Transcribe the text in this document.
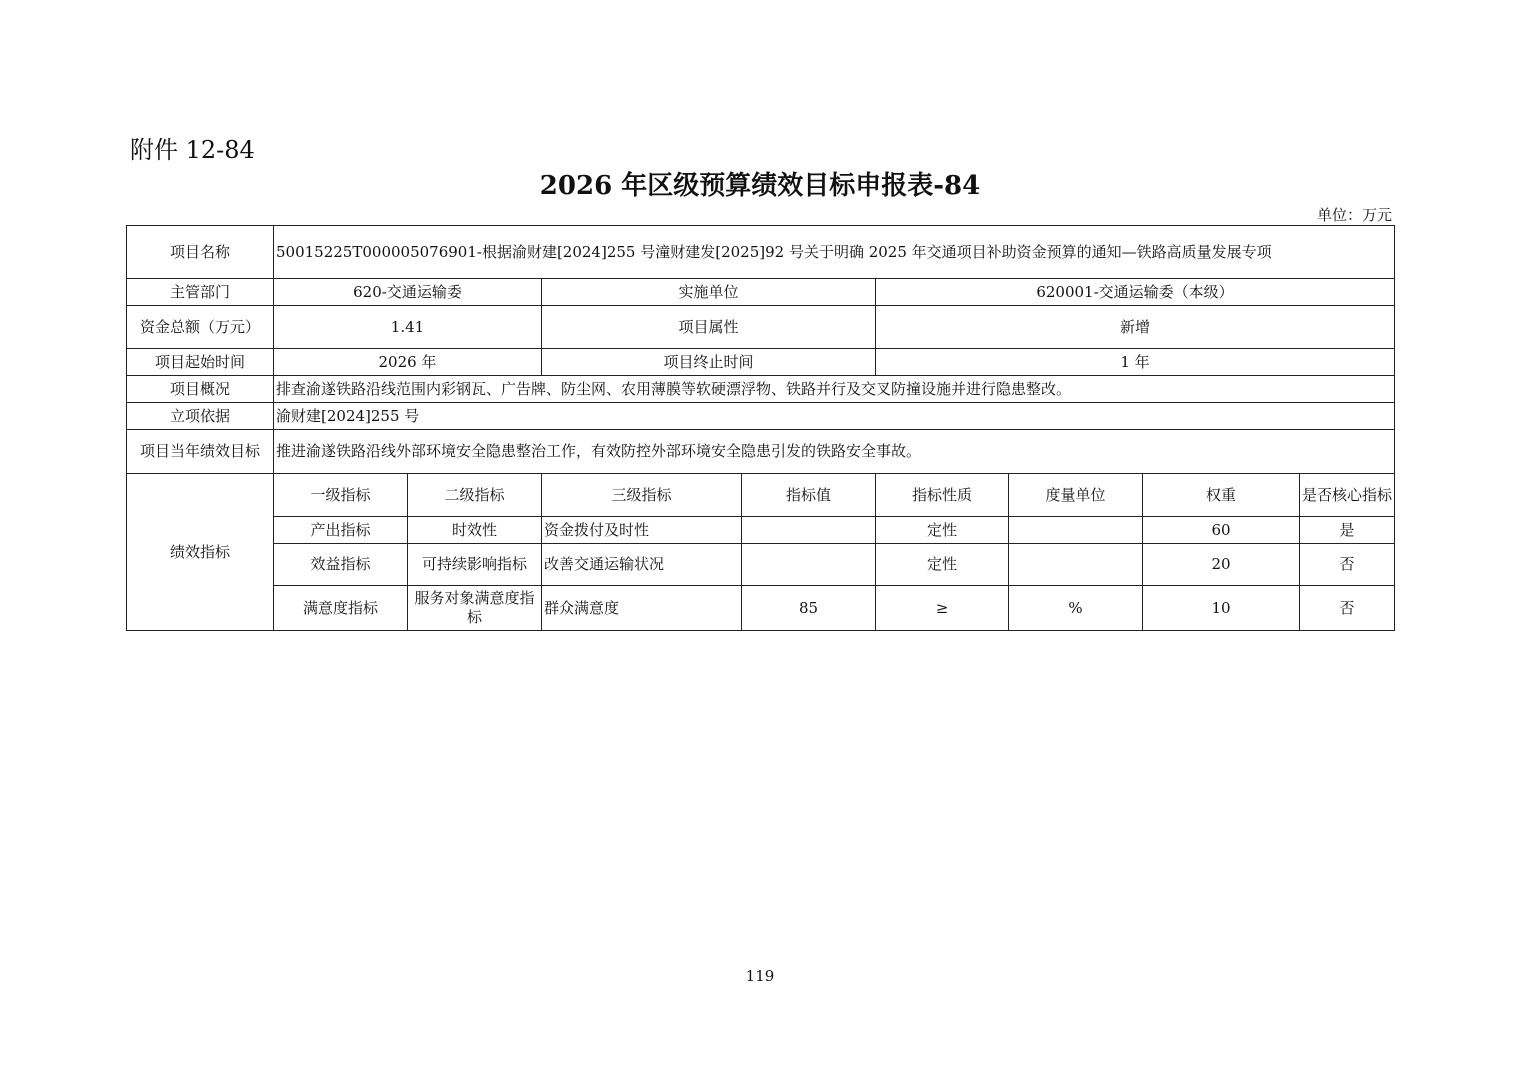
附件 12-84
2026 年区级预算绩效目标申报表-84
单位：万元
项目名称	50015225T000005076901-根据渝财建[2024]255 号潼财建发[2025]92 号关于明确 2025 年交通项目补助资金预算的通知—铁路高质量发展专项							
主管部门	620-交通运输委		实施单位		620001-交通运输委（本级）			
资金总额（万元）	1.41		项目属性		新增			
项目起始时间	2026 年		项目终止时间		1 年			
项目概况	排查渝遂铁路沿线范围内彩钢瓦、广告牌、防尘网、农用薄膜等软硬漂浮物、铁路并行及交叉防撞设施并进行隐患整改。							
立项依据	渝财建[2024]255 号							
项目当年绩效目标	推进渝遂铁路沿线外部环境安全隐患整治工作，有效防控外部环境安全隐患引发的铁路安全事故。							
绩效指标	一级指标	二级指标	三级指标	指标值	指标性质	度量单位	权重	是否核心指标
	产出指标	时效性	资金拨付及时性		定性		60	是
	效益指标	可持续影响指标	改善交通运输状况		定性		20	否
	满意度指标	服务对象满意度指标	群众满意度	85	≥	%	10	否
119
